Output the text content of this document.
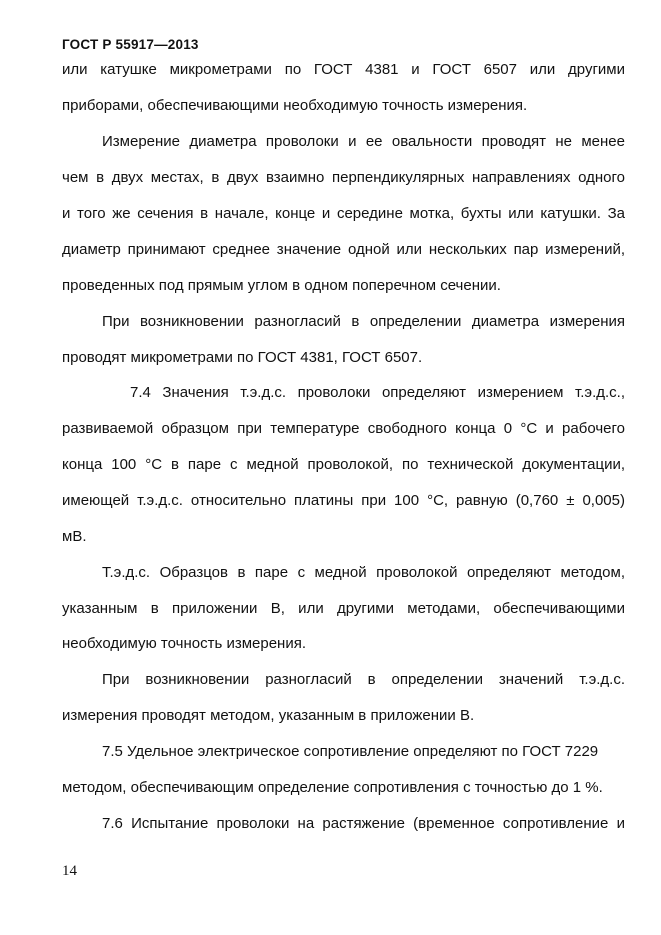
ГОСТ Р 55917—2013
или катушке микрометрами по ГОСТ 4381 и ГОСТ 6507 или другими
приборами, обеспечивающими необходимую точность измерения.
Измерение диаметра проволоки и ее овальности проводят не менее
чем в двух местах, в двух взаимно перпендикулярных направлениях одного
и того же сечения в начале, конце и середине мотка, бухты или катушки. За
диаметр принимают среднее значение одной или нескольких пар измерений,
проведенных под прямым углом в одном поперечном сечении.
При возникновении разногласий в определении диаметра измерения
проводят микрометрами по ГОСТ 4381, ГОСТ 6507.
7.4 Значения т.э.д.с. проволоки определяют измерением т.э.д.с.,
развиваемой образцом при температуре свободного конца 0 °С и рабочего
конца 100 °С в паре с медной проволокой, по технической документации,
имеющей т.э.д.с. относительно платины при 100 °С, равную (0,760 ± 0,005)
мВ.
Т.э.д.с. Образцов в паре с медной проволокой определяют методом,
указанным в приложении В, или другими методами, обеспечивающими
необходимую точность измерения.
При возникновении разногласий в определении значений т.э.д.с.
измерения проводят методом, указанным в приложении В.
7.5 Удельное электрическое сопротивление определяют по ГОСТ 7229
методом, обеспечивающим определение сопротивления с точностью до 1 %.
7.6 Испытание проволоки на растяжение (временное сопротивление и
14
